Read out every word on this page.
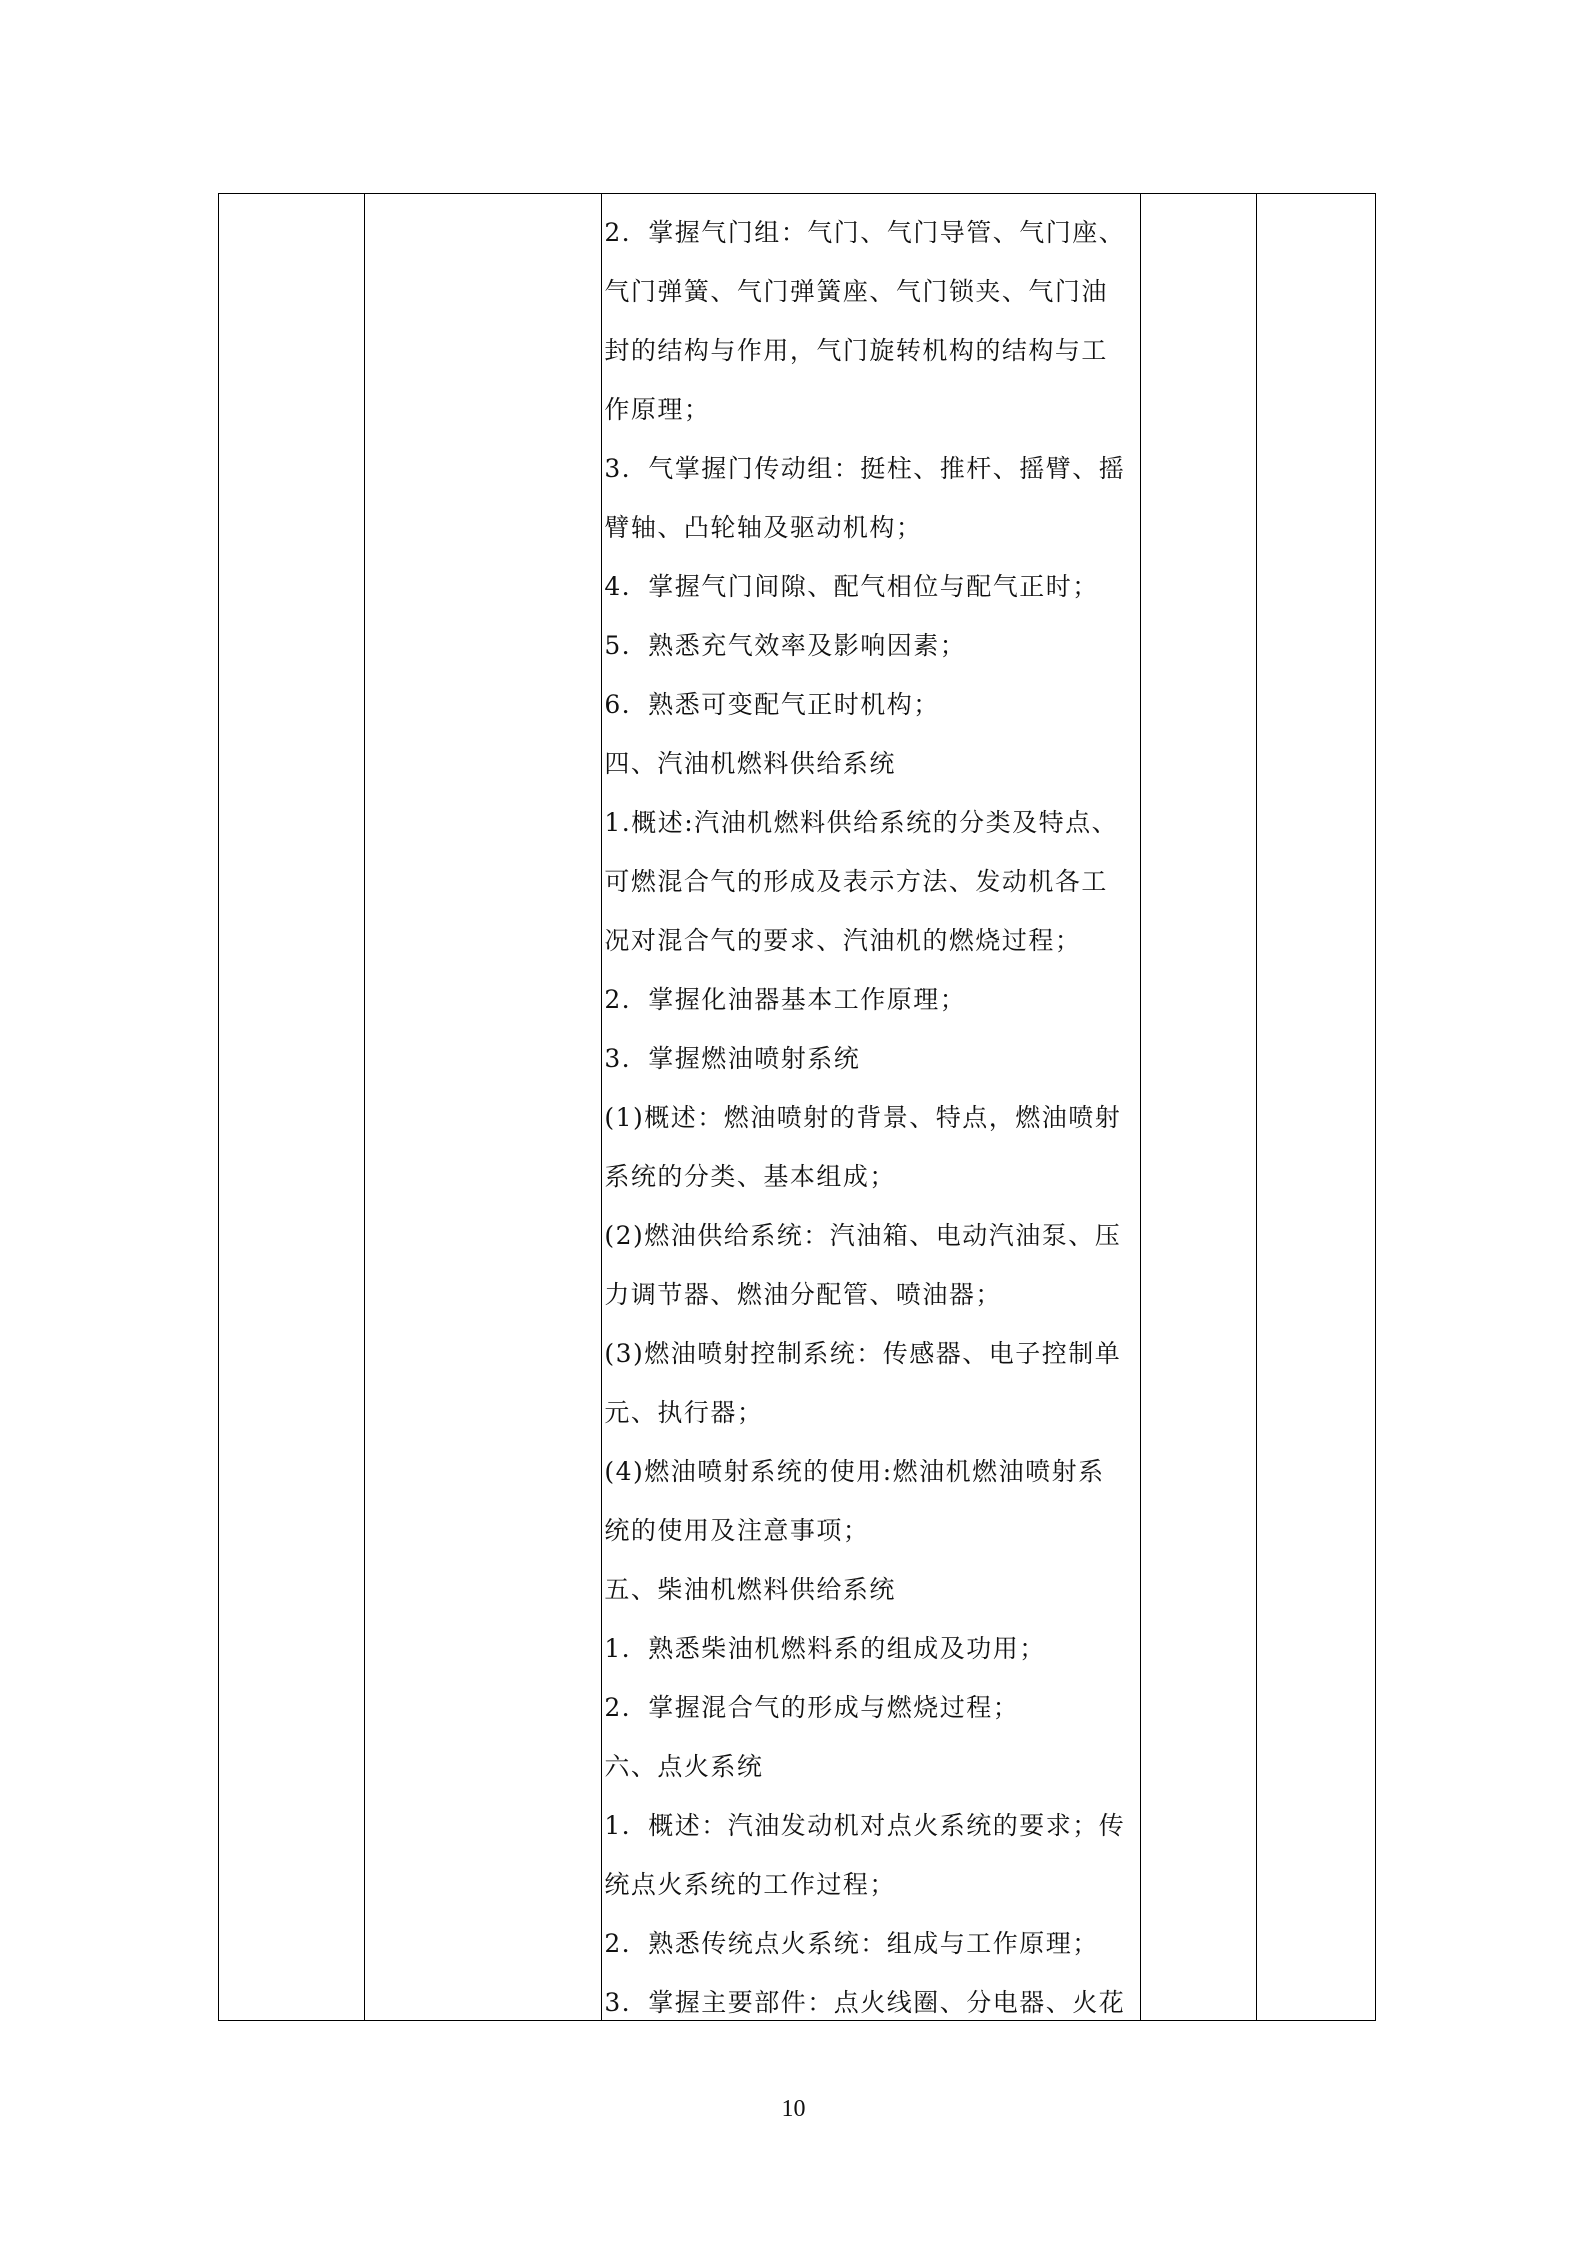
2．掌握气门组：气门、气门导管、气门座、
气门弹簧、气门弹簧座、气门锁夹、气门油
封的结构与作用，气门旋转机构的结构与工
作原理；
3．气掌握门传动组：挺柱、推杆、摇臂、摇
臂轴、凸轮轴及驱动机构；
4．掌握气门间隙、配气相位与配气正时；
5．熟悉充气效率及影响因素；
6．熟悉可变配气正时机构；
四、汽油机燃料供给系统
1.概述:汽油机燃料供给系统的分类及特点、
可燃混合气的形成及表示方法、发动机各工
况对混合气的要求、汽油机的燃烧过程；
2．掌握化油器基本工作原理；
3．掌握燃油喷射系统
(1)概述：燃油喷射的背景、特点，燃油喷射
系统的分类、基本组成；
(2)燃油供给系统：汽油箱、电动汽油泵、压
力调节器、燃油分配管、喷油器；
(3)燃油喷射控制系统：传感器、电子控制单
元、执行器；
(4)燃油喷射系统的使用:燃油机燃油喷射系
统的使用及注意事项；
五、柴油机燃料供给系统
1．熟悉柴油机燃料系的组成及功用；
2．掌握混合气的形成与燃烧过程；
六、点火系统
1．概述：汽油发动机对点火系统的要求；传
统点火系统的工作过程；
2．熟悉传统点火系统：组成与工作原理；
3．掌握主要部件：点火线圈、分电器、火花
10
